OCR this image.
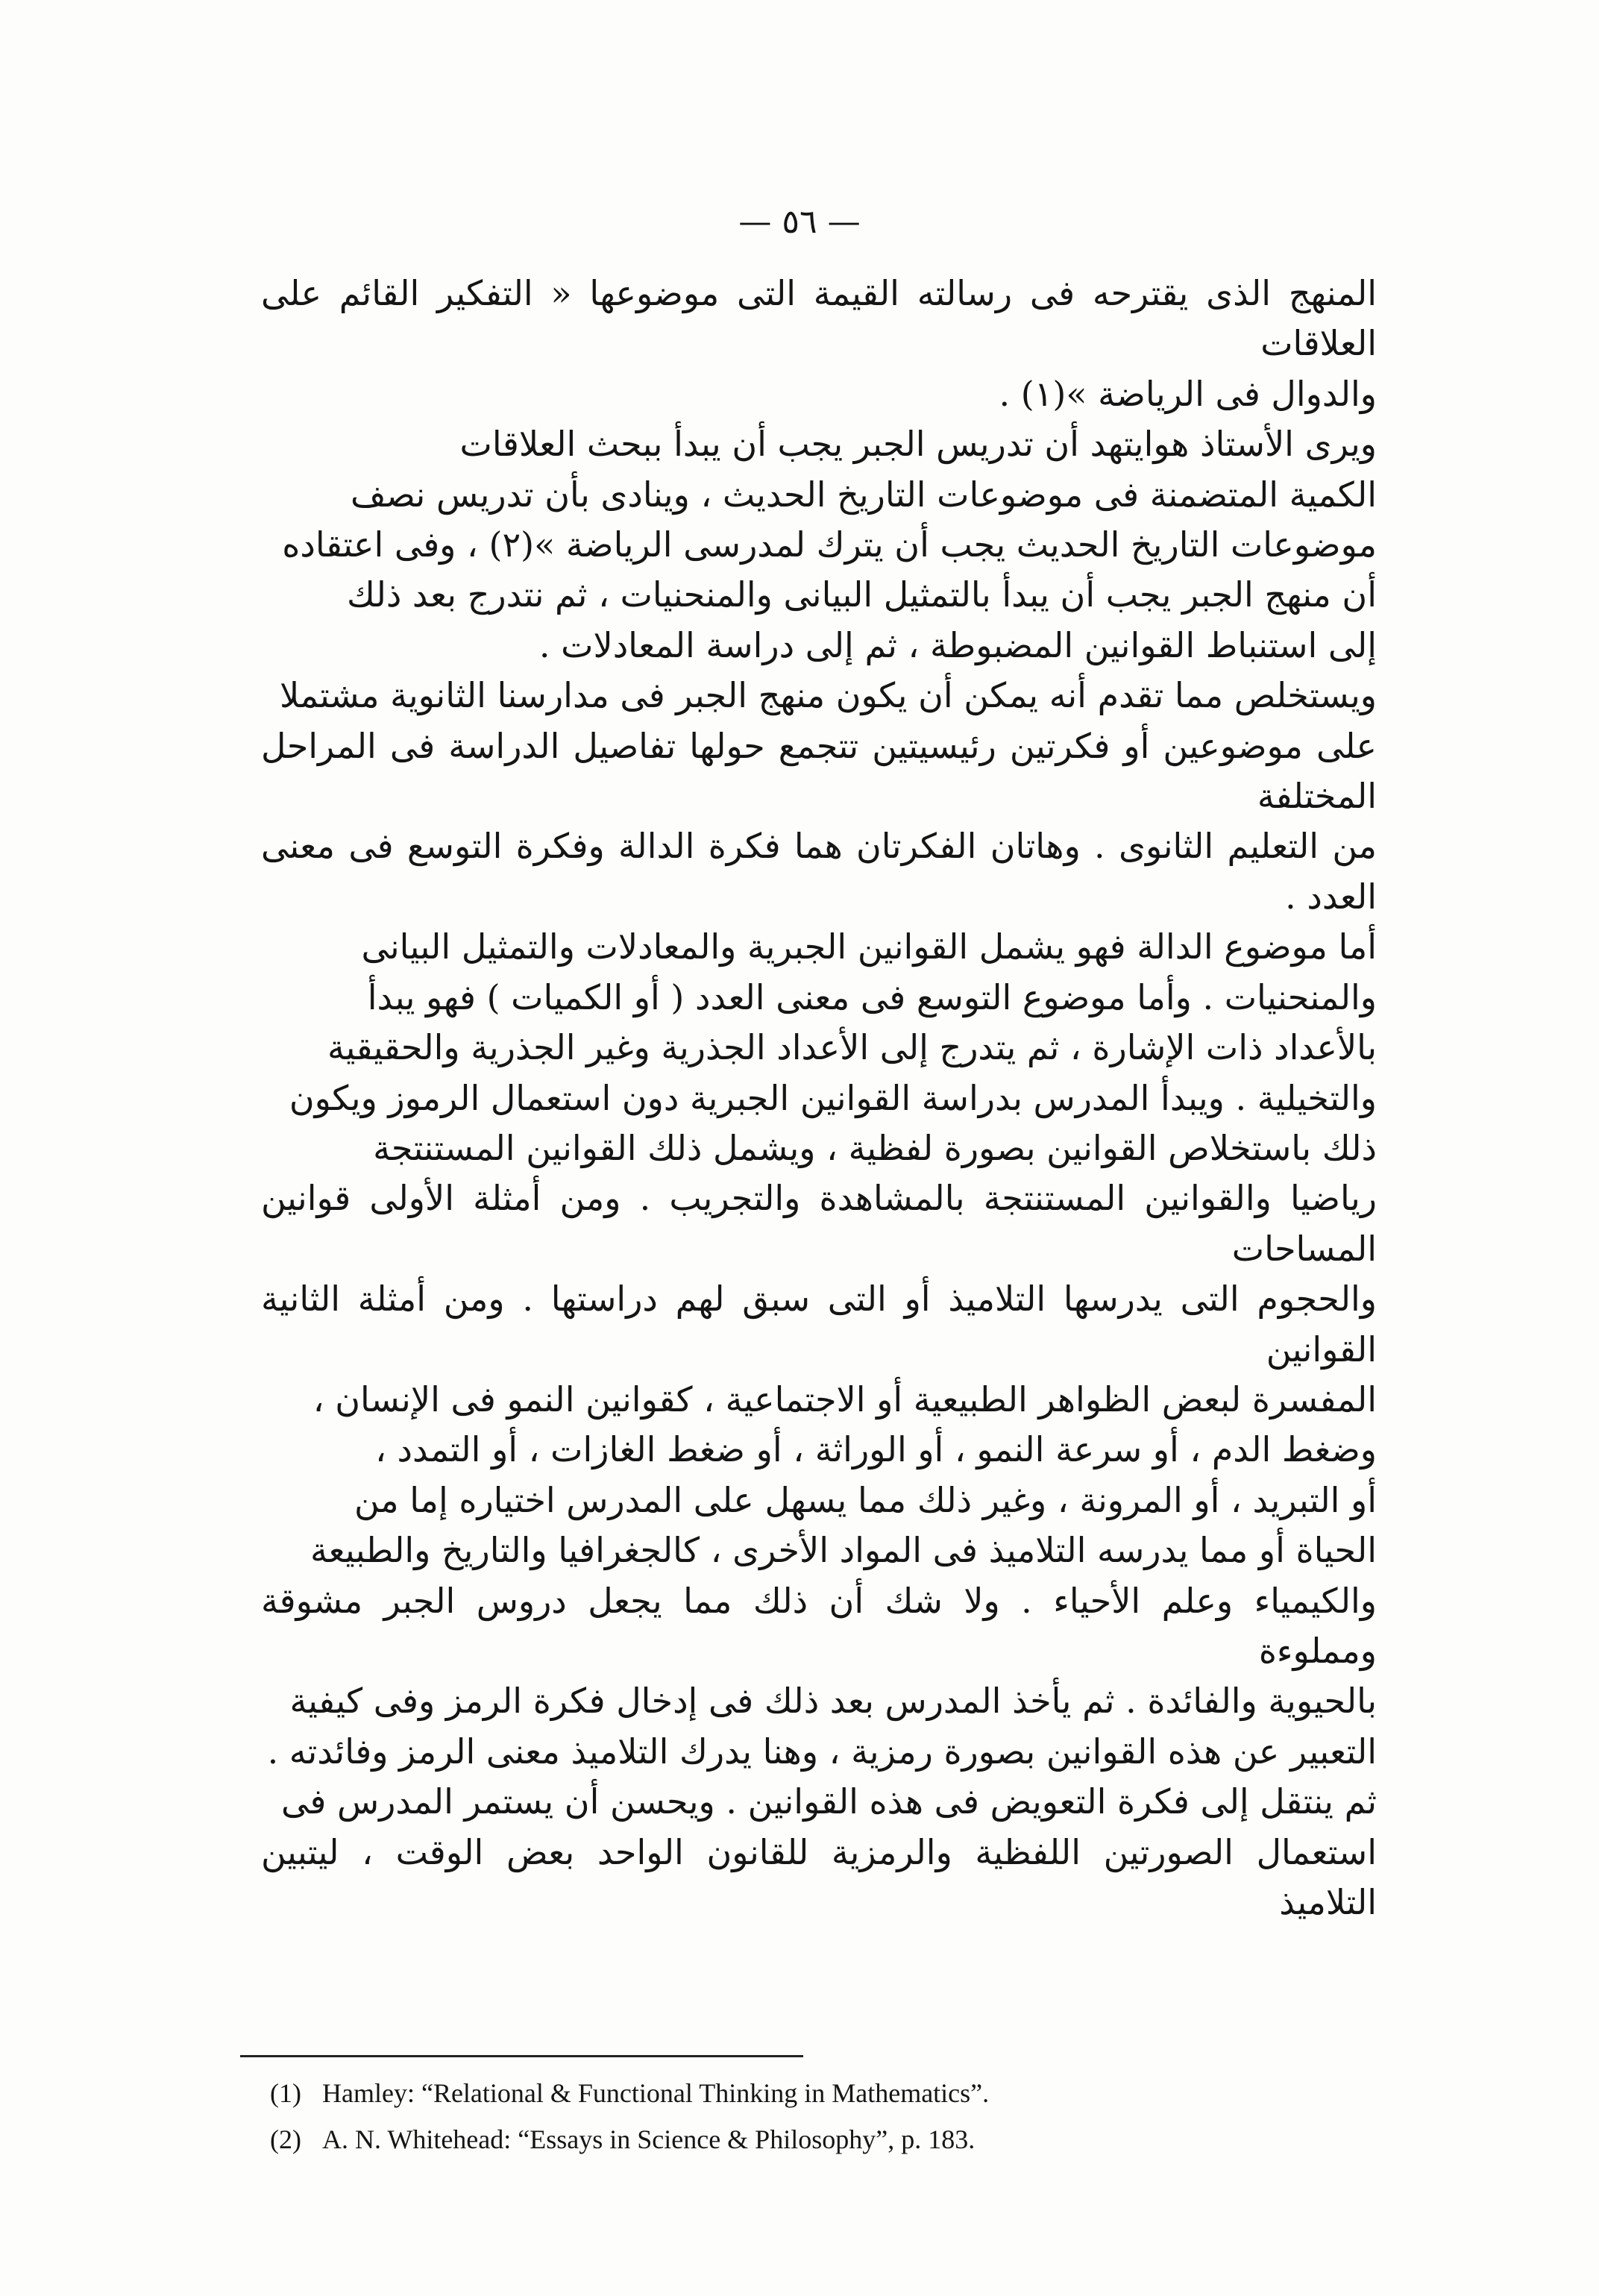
— ٥٦ —

المنهج الذى يقترحه فى رسالته القيمة التى موضوعها « التفكير القائم على العلاقات
والدوال فى الرياضة »(١) .

ويرى الأستاذ هوايتهد أن تدريس الجبر يجب أن يبدأ ببحث العلاقات
الكمية المتضمنة فى موضوعات التاريخ الحديث ، وينادى بأن تدريس نصف
موضوعات التاريخ الحديث يجب أن يترك لمدرسى الرياضة »(٢) ، وفى اعتقاده
أن منهج الجبر يجب أن يبدأ بالتمثيل البيانى والمنحنيات ، ثم نتدرج بعد ذلك
إلى استنباط القوانين المضبوطة ، ثم إلى دراسة المعادلات .

ويستخلص مما تقدم أنه يمكن أن يكون منهج الجبر فى مدارسنا الثانوية مشتملا
على موضوعين أو فكرتين رئيسيتين تتجمع حولها تفاصيل الدراسة فى المراحل المختلفة
من التعليم الثانوى . وهاتان الفكرتان هما فكرة الدالة وفكرة التوسع فى معنى العدد .

أما موضوع الدالة فهو يشمل القوانين الجبرية والمعادلات والتمثيل البيانى
والمنحنيات . وأما موضوع التوسع فى معنى العدد ( أو الكميات ) فهو يبدأ
بالأعداد ذات الإشارة ، ثم يتدرج إلى الأعداد الجذرية وغير الجذرية والحقيقية
والتخيلية . ويبدأ المدرس بدراسة القوانين الجبرية دون استعمال الرموز ويكون
ذلك باستخلاص القوانين بصورة لفظية ، ويشمل ذلك القوانين المستنتجة
رياضيا والقوانين المستنتجة بالمشاهدة والتجريب . ومن أمثلة الأولى قوانين المساحات
والحجوم التى يدرسها التلاميذ أو التى سبق لهم دراستها . ومن أمثلة الثانية القوانين
المفسرة لبعض الظواهر الطبيعية أو الاجتماعية ، كقوانين النمو فى الإنسان ،
وضغط الدم ، أو سرعة النمو ، أو الوراثة ، أو ضغط الغازات ، أو التمدد ،
أو التبريد ، أو المرونة ، وغير ذلك مما يسهل على المدرس اختياره إما من
الحياة أو مما يدرسه التلاميذ فى المواد الأخرى ، كالجغرافيا والتاريخ والطبيعة
والكيمياء وعلم الأحياء . ولا شك أن ذلك مما يجعل دروس الجبر مشوقة ومملوءة
بالحيوية والفائدة . ثم يأخذ المدرس بعد ذلك فى إدخال فكرة الرمز وفى كيفية
التعبير عن هذه القوانين بصورة رمزية ، وهنا يدرك التلاميذ معنى الرمز وفائدته .
ثم ينتقل إلى فكرة التعويض فى هذه القوانين . ويحسن أن يستمر المدرس فى
استعمال الصورتين اللفظية والرمزية للقانون الواحد بعض الوقت ، ليتبين التلاميذ

(1) Hamley: “Relational & Functional Thinking in Mathematics”.
(2) A. N. Whitehead: “Essays in Science & Philosophy”, p. 183.
